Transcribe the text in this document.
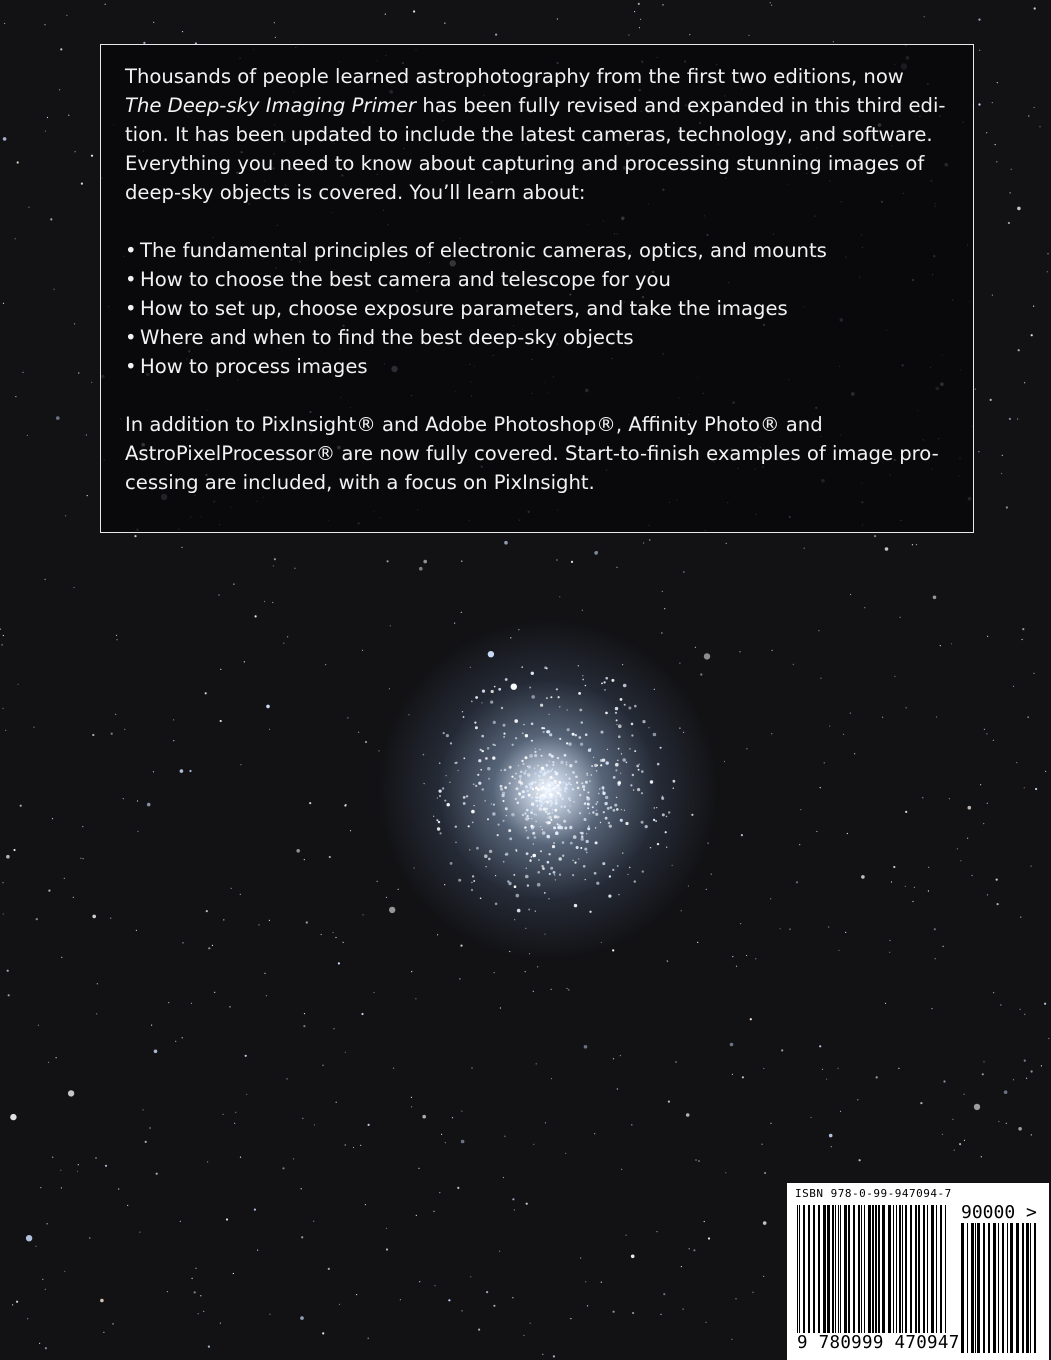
Thousands of people learned astrophotography from the first two editions, now
The Deep-sky Imaging Primer has been fully revised and expanded in this third edi-
tion. It has been updated to include the latest cameras, technology, and software.
Everything you need to know about capturing and processing stunning images of
deep-sky objects is covered. You’ll learn about:

• The fundamental principles of electronic cameras, optics, and mounts
• How to choose the best camera and telescope for you
• How to set up, choose exposure parameters, and take the images
• Where and when to find the best deep-sky objects
• How to process images

In addition to PixInsight® and Adobe Photoshop®, Affinity Photo® and
AstroPixelProcessor® are now fully covered. Start-to-finish examples of image pro-
cessing are included, with a focus on PixInsight.

ISBN 978-0-99-947094-7
90000 >
9 780999 470947
